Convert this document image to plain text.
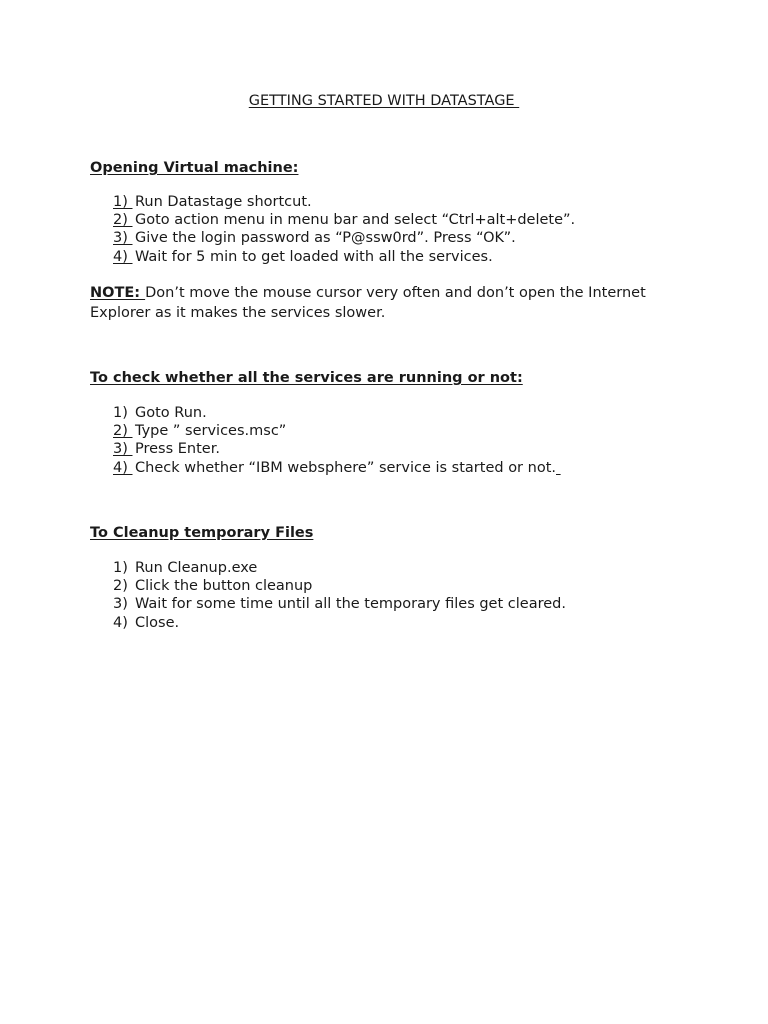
GETTING STARTED WITH DATASTAGE
Opening Virtual machine:
1) Run Datastage shortcut.
2) Goto action menu in menu bar and select “Ctrl+alt+delete”.
3) Give the login password as “P@ssw0rd”. Press “OK”.
4) Wait for 5 min to get loaded with all the services.
NOTE: Don’t move the mouse cursor very often and don’t open the Internet Explorer as it makes the services slower.
To check whether all the services are running or not:
1) Goto Run.
2) Type ” services.msc”
3) Press Enter.
4) Check whether “IBM websphere” service is started or not.
To Cleanup temporary Files
1) Run Cleanup.exe
2) Click the button cleanup
3) Wait for some time until all the temporary files get cleared.
4) Close.
